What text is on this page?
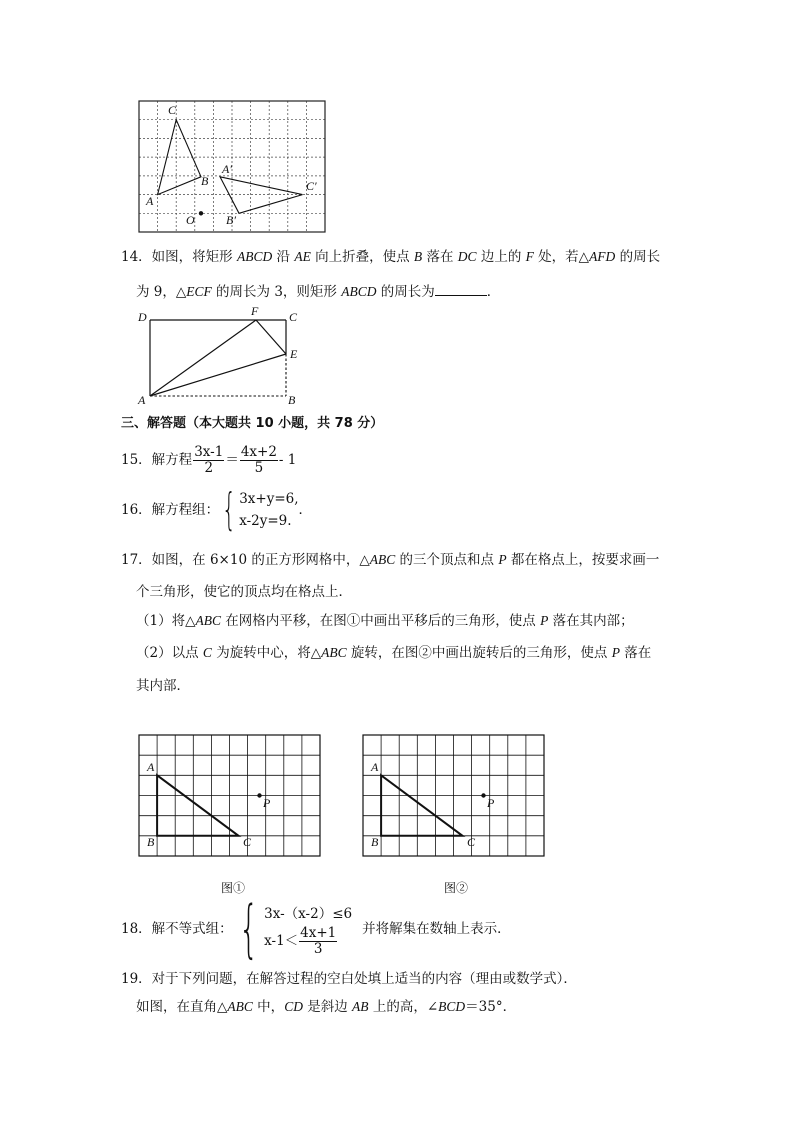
C
A
B
O
A′
B′
C′
14．如图，将矩形 ABCD 沿 AE 向上折叠，使点 B 落在 DC 边上的 F 处，若△AFD 的周长
为 9，△ECF 的周长为 3，则矩形 ABCD 的周长为	．
D	F	C
E
A	B
三、解答题（本大题共 10 小题，共 78 分）
15．解方程 $\frac{3x-1}{2} = \frac{4x+2}{5} - 1$
16．解方程组： { 3x+y=6,
x-2y=9.
．
17．如图，在 6×10 的正方形网格中，△ABC 的三个顶点和点 P 都在格点上，按要求画一
个三角形，使它的顶点均在格点上．
（1）将△ABC 在网格内平移，在图①中画出平移后的三角形，使点 P 落在其内部；
（2）以点 C 为旋转中心，将△ABC 旋转，在图②中画出旋转后的三角形，使点 P 落在
其内部．
A
B	C
P
图①
A
B	C
P
图②
18．解不等式组： { 3x-（x-2）≤6
$x-1< \frac{4x+1}{3}$ 并将解集在数轴上表示．
19．对于下列问题，在解答过程的空白处填上适当的内容（理由或数学式）．
如图，在直角△ABC 中，CD 是斜边 AB 上的高，∠BCD＝35°．
